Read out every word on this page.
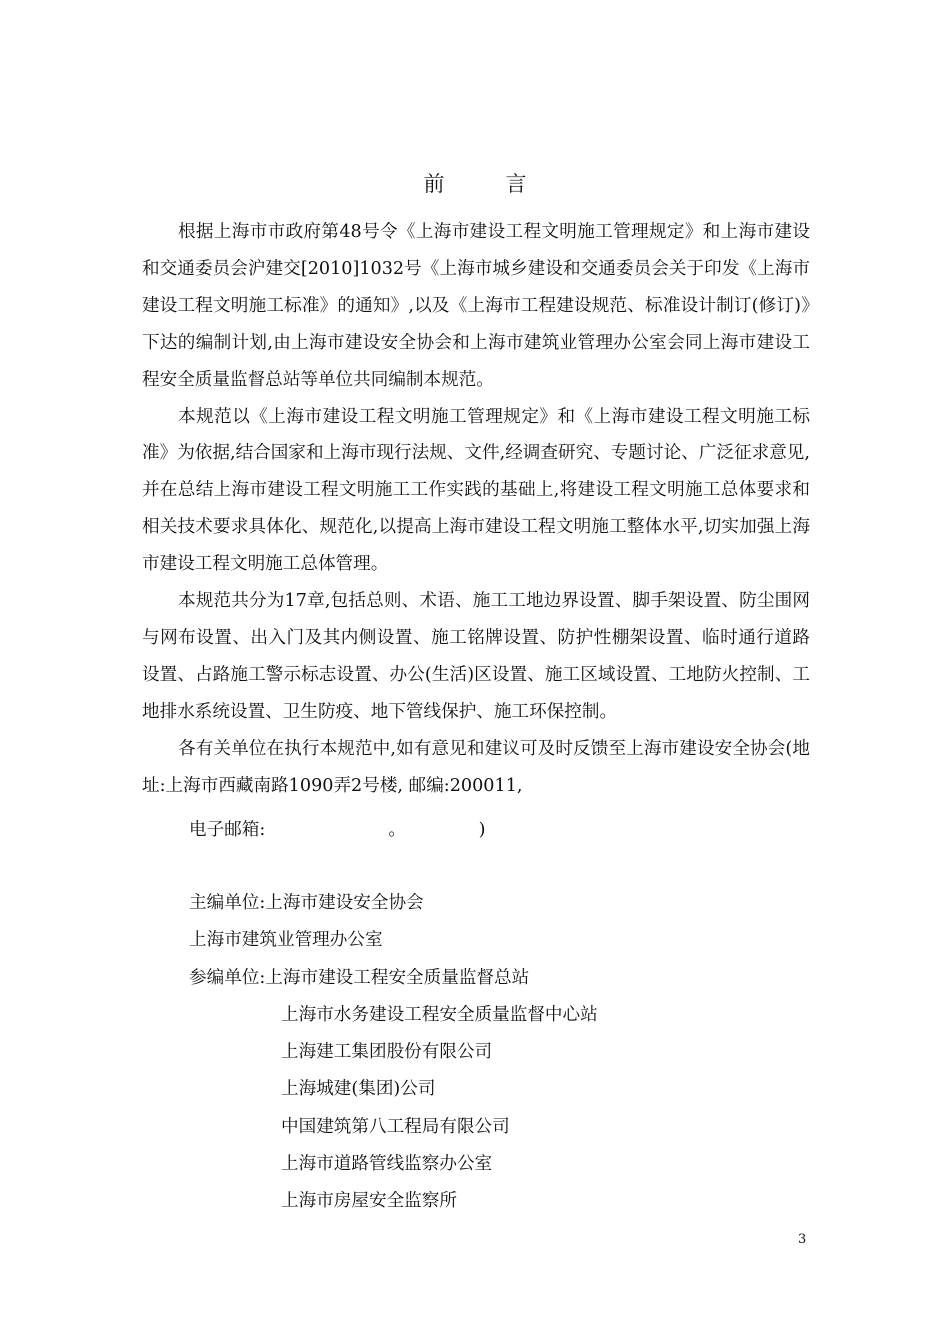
前　言

根据上海市市政府第48号令《上海市建设工程文明施工管理规定》和上海市建设和交通委员会沪建交[2010]1032号《上海市城乡建设和交通委员会关于印发《上海市建设工程文明施工标准》的通知》,以及《上海市工程建设规范、标准设计制订(修订)》下达的编制计划,由上海市建设安全协会和上海市建筑业管理办公室会同上海市建设工程安全质量监督总站等单位共同编制本规范。

本规范以《上海市建设工程文明施工管理规定》和《上海市建设工程文明施工标准》为依据,结合国家和上海市现行法规、文件,经调查研究、专题讨论、广泛征求意见,并在总结上海市建设工程文明施工工作实践的基础上,将建设工程文明施工总体要求和相关技术要求具体化、规范化,以提高上海市建设工程文明施工整体水平,切实加强上海市建设工程文明施工总体管理。

本规范共分为17章,包括总则、术语、施工工地边界设置、脚手架设置、防尘围网与网布设置、出入门及其内侧设置、施工铭牌设置、防护性棚架设置、临时通行道路设置、占路施工警示标志设置、办公(生活)区设置、施工区域设置、工地防火控制、工地排水系统设置、卫生防疫、地下管线保护、施工环保控制。

各有关单位在执行本规范中,如有意见和建议可及时反馈至上海市建设安全协会(地址:上海市西藏南路1090弄2号楼, 邮编:200011,

电子邮箱:                      。             )
主编单位:上海市建设安全协会
上海市建筑业管理办公室
参编单位:上海市建设工程安全质量监督总站
上海市水务建设工程安全质量监督中心站
上海建工集团股份有限公司
上海城建(集团)公司
中国建筑第八工程局有限公司
上海市道路管线监察办公室
上海市房屋安全监察所
3
